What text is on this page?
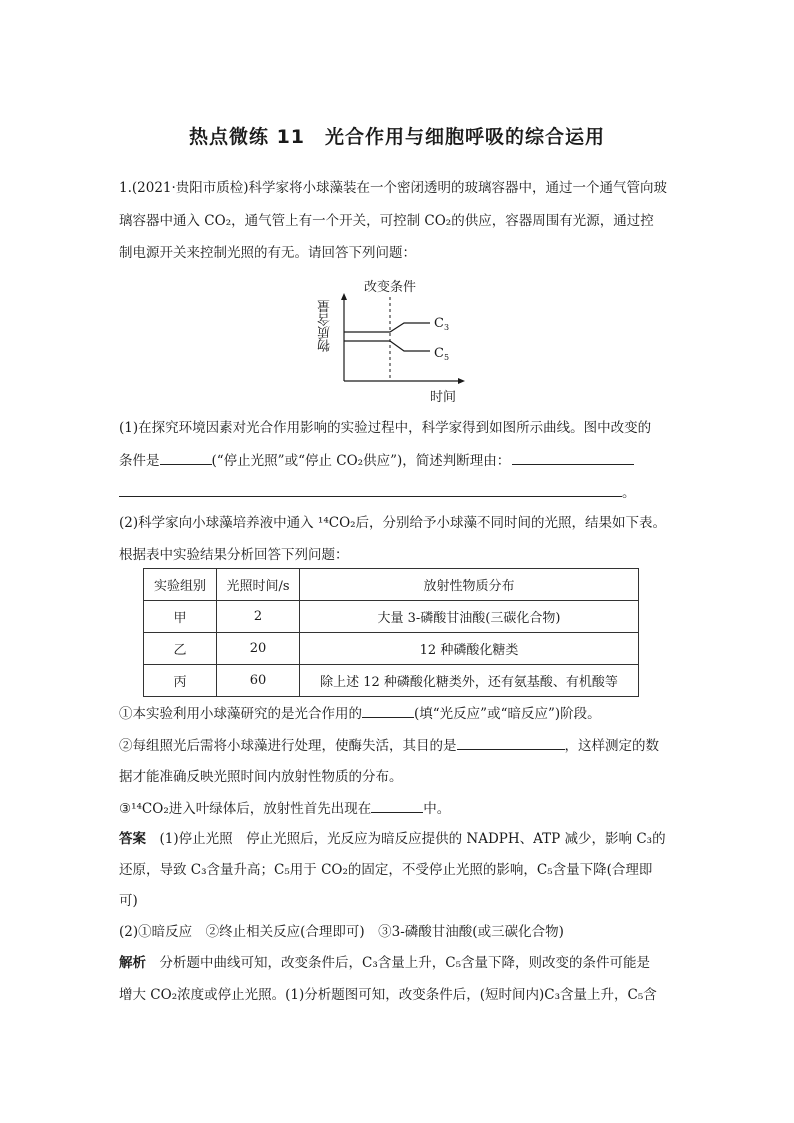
热点微练 11　光合作用与细胞呼吸的综合运用
1.(2021·贵阳市质检)科学家将小球藻装在一个密闭透明的玻璃容器中，通过一个通气管向玻
璃容器中通入 CO₂，通气管上有一个开关，可控制 CO₂的供应，容器周围有光源，通过控
制电源开关来控制光照的有无。请回答下列问题：
改变条件
$C_3$
$C_5$
时间
物质含量
(1)在探究环境因素对光合作用影响的实验过程中，科学家得到如图所示曲线。图中改变的
条件是	(“停止光照”或“停止 CO₂供应”)，简述判断理由：
。
(2)科学家向小球藻培养液中通入 ¹⁴CO₂后，分别给予小球藻不同时间的光照，结果如下表。
根据表中实验结果分析回答下列问题：
实验组别	光照时间/s	放射性物质分布
甲	2	大量 3-磷酸甘油酸(三碳化合物)
乙	20	12 种磷酸化糖类
丙	60	除上述 12 种磷酸化糖类外，还有氨基酸、有机酸等
①本实验利用小球藻研究的是光合作用的	(填“光反应”或“暗反应”)阶段。
②每组照光后需将小球藻进行处理，使酶失活，其目的是	，这样测定的数
据才能准确反映光照时间内放射性物质的分布。
③¹⁴CO₂进入叶绿体后，放射性首先出现在	中。
答案　(1)停止光照　停止光照后，光反应为暗反应提供的 NADPH、ATP 减少，影响 C₃的
还原，导致 C₃含量升高；C₅用于 CO₂的固定，不受停止光照的影响，C₅含量下降(合理即
可)
(2)①暗反应　②终止相关反应(合理即可)　③3-磷酸甘油酸(或三碳化合物)
解析　分析题中曲线可知，改变条件后，C₃含量上升，C₅含量下降，则改变的条件可能是
增大 CO₂浓度或停止光照。(1)分析题图可知，改变条件后，(短时间内)C₃含量上升，C₅含
